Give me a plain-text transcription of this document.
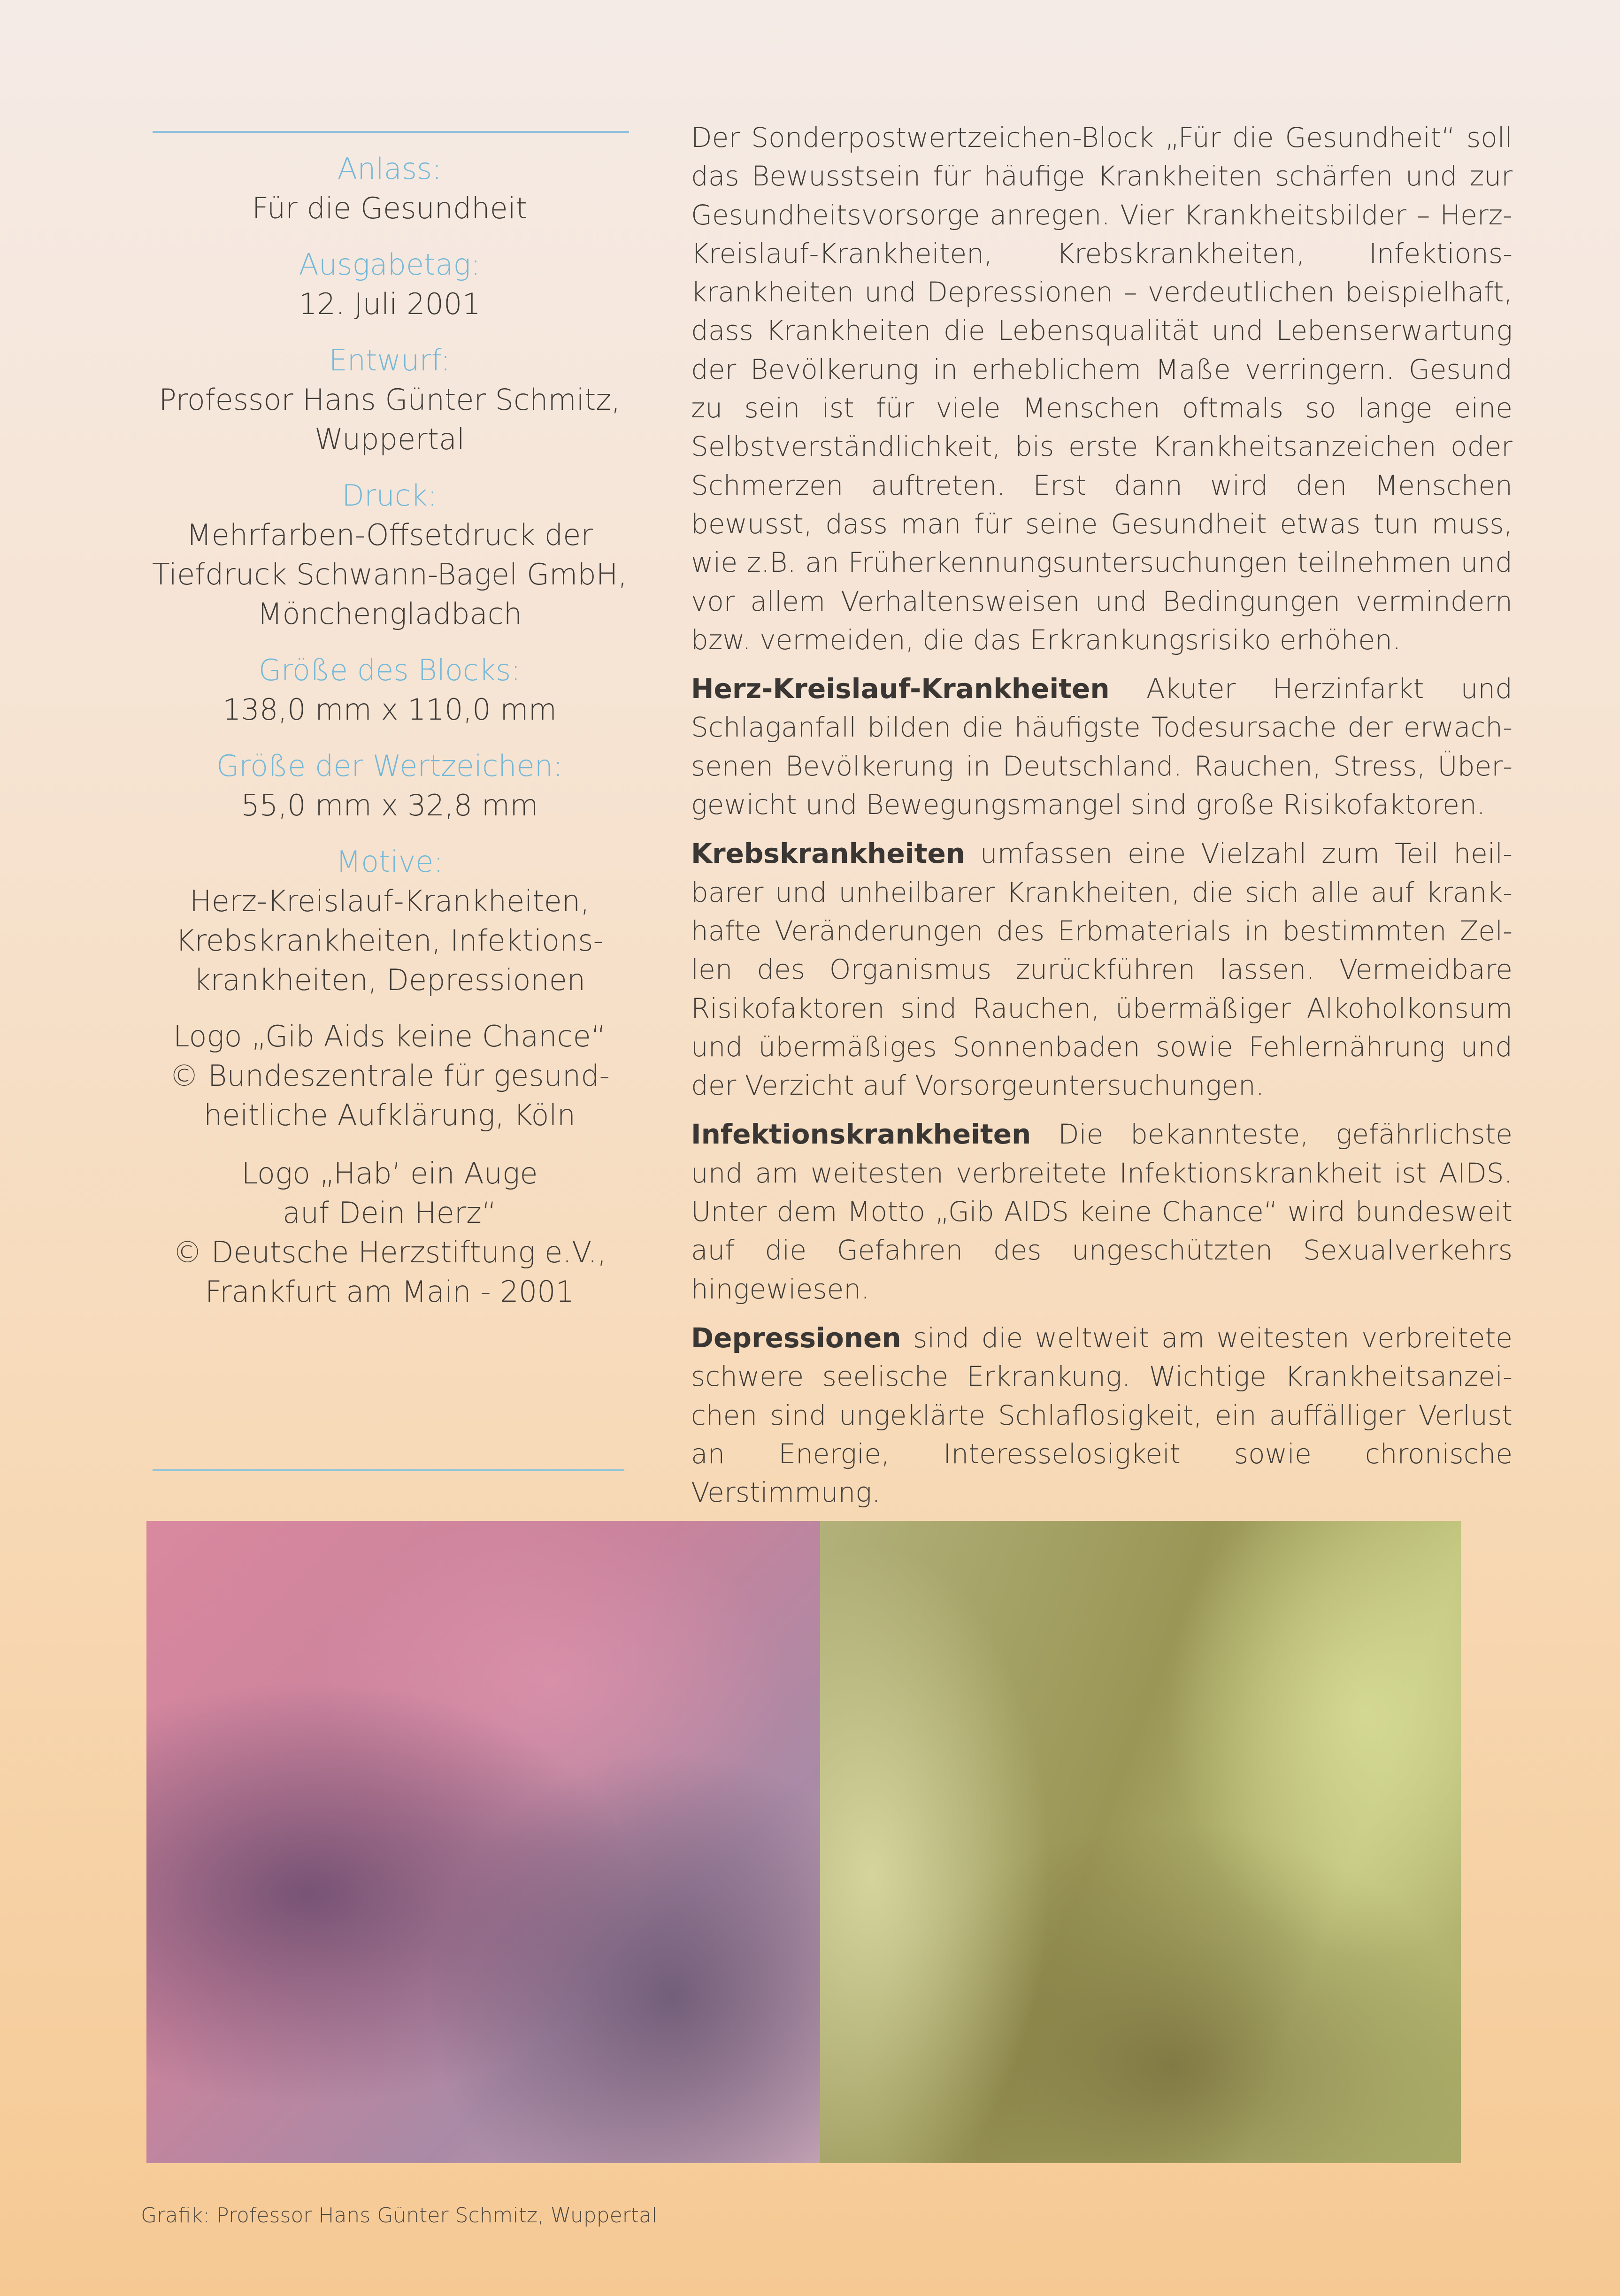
Anlass:
Für die Gesundheit
Ausgabetag:
12. Juli 2001
Entwurf:
Professor Hans Günter Schmitz,
Wuppertal
Druck:
Mehrfarben-Offsetdruck der
Tiefdruck Schwann-Bagel GmbH,
Mönchengladbach
Größe des Blocks:
138,0 mm x 110,0 mm
Größe der Wertzeichen:
55,0 mm x 32,8 mm
Motive:
Herz-Kreislauf-Krankheiten,
Krebskrankheiten, Infektions-
krankheiten, Depressionen
Logo „Gib Aids keine Chance“
© Bundeszentrale für gesund-
heitliche Aufklärung, Köln
Logo „Hab’ ein Auge
auf Dein Herz“
© Deutsche Herzstiftung e.V.,
Frankfurt am Main - 2001

Der Sonderpostwertzeichen-Block „Für die Gesundheit“ soll das Bewusstsein für häufige Krankheiten schärfen und zur Gesundheitsvorsorge anregen. Vier Krankheitsbilder – Herz-Kreislauf-Krankheiten, Krebskrankheiten, Infektionskrankheiten und Depressionen – verdeutlichen beispielhaft, dass Krankheiten die Lebensqualität und Lebenserwartung der Bevölkerung in erheblichem Maße verringern. Gesund zu sein ist für viele Menschen oftmals so lange eine Selbstverständlichkeit, bis erste Krankheitsanzeichen oder Schmerzen auftreten. Erst dann wird den Menschen bewusst, dass man für seine Gesundheit etwas tun muss, wie z.B. an Früherkennungsuntersuchungen teilnehmen und vor allem Verhaltensweisen und Bedingungen vermindern bzw. vermeiden, die das Erkrankungsrisiko erhöhen.

Herz-Kreislauf-Krankheiten Akuter Herzinfarkt und Schlaganfall bilden die häufigste Todesursache der erwachsenen Bevölkerung in Deutschland. Rauchen, Stress, Übergewicht und Bewegungsmangel sind große Risikofaktoren.

Krebskrankheiten umfassen eine Vielzahl zum Teil heilbarer und unheilbarer Krankheiten, die sich alle auf krankhafte Veränderungen des Erbmaterials in bestimmten Zellen des Organismus zurückführen lassen. Vermeidbare Risikofaktoren sind Rauchen, übermäßiger Alkoholkonsum und übermäßiges Sonnenbaden sowie Fehlernährung und der Verzicht auf Vorsorgeuntersuchungen.

Infektionskrankheiten Die bekannteste, gefährlichste und am weitesten verbreitete Infektionskrankheit ist AIDS. Unter dem Motto „Gib AIDS keine Chance“ wird bundesweit auf die Gefahren des ungeschützten Sexualverkehrs hingewiesen.

Depressionen sind die weltweit am weitesten verbreitete schwere seelische Erkrankung. Wichtige Krankheitsanzeichen sind ungeklärte Schlaflosigkeit, ein auffälliger Verlust an Energie, Interesselosigkeit sowie chronische Verstimmung.

Grafik: Professor Hans Günter Schmitz, Wuppertal
